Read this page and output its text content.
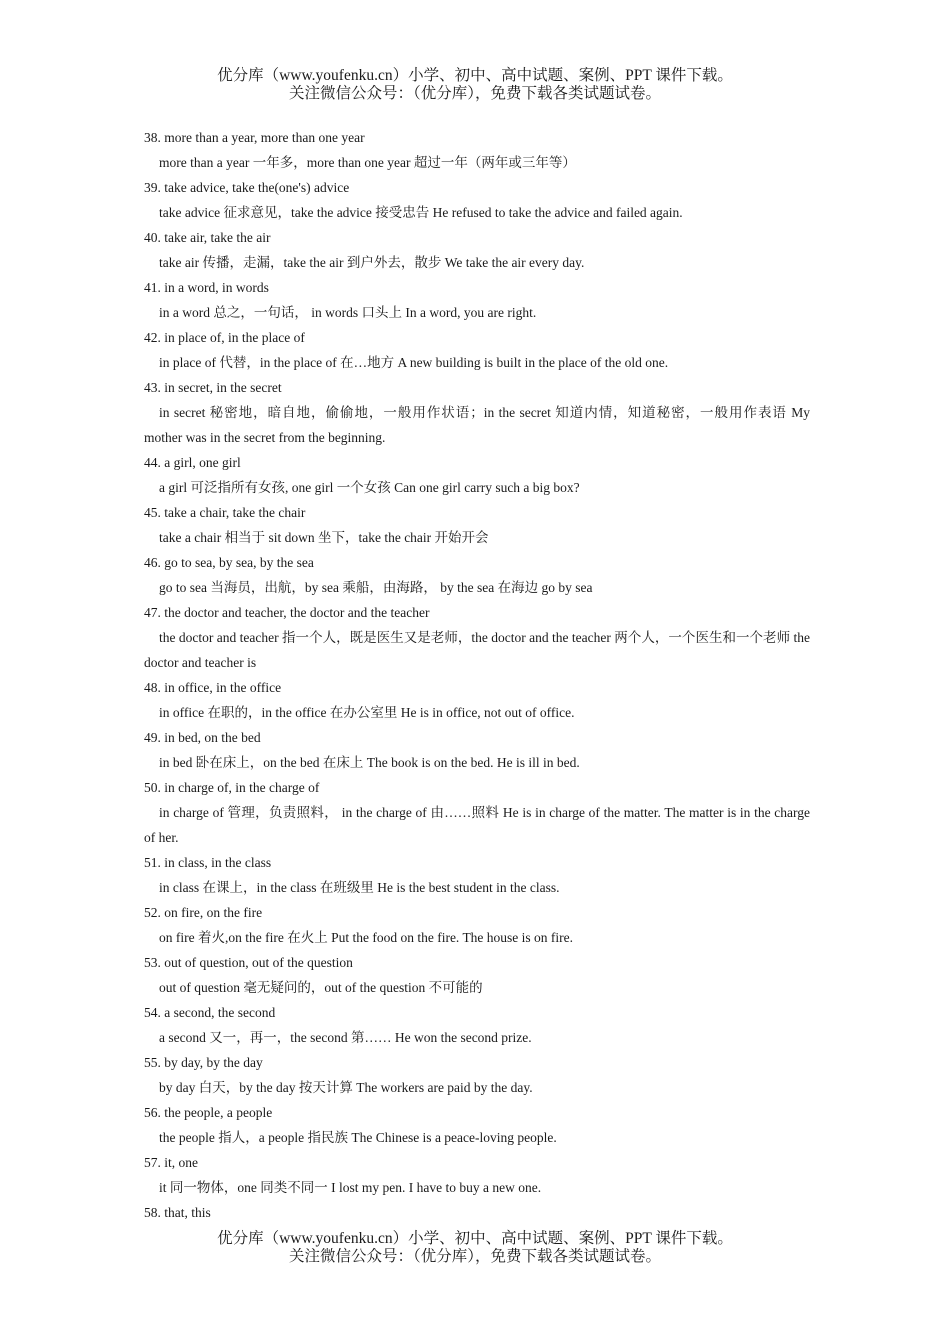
优分库（www.youfenku.cn）小学、初中、高中试题、案例、PPT 课件下载。
关注微信公众号：（优分库），免费下载各类试题试卷。
38. more than a year, more than one year
more than a year 一年多，more than one year 超过一年（两年或三年等）
39. take advice, take the(one's) advice
take advice 征求意见，take the advice 接受忠告 He refused to take the advice and failed again.
40. take air, take the air
take air 传播，走漏，take the air 到户外去，散步 We take the air every day.
41. in a word, in words
in a word 总之，一句话， in words 口头上 In a word, you are right.
42. in place of, in the place of
in place of 代替，in the place of 在…地方 A new building is built in the place of the old one.
43. in secret, in the secret
in secret 秘密地，暗自地，偷偷地，一般用作状语；in the secret 知道内情，知道秘密，一般用作表语 My mother was in the secret from the beginning.
44. a girl, one girl
a girl 可泛指所有女孩, one girl 一个女孩 Can one girl carry such a big box?
45. take a chair, take the chair
take a chair 相当于 sit down 坐下，take the chair 开始开会
46. go to sea, by sea, by the sea
go to sea 当海员，出航，by sea 乘船，由海路， by the sea 在海边 go by sea
47. the doctor and teacher, the doctor and the teacher
the doctor and teacher 指一个人，既是医生又是老师，the doctor and the teacher 两个人，一个医生和一个老师 the doctor and teacher is
48. in office, in the office
in office 在职的，in the office 在办公室里 He is in office, not out of office.
49. in bed, on the bed
in bed 卧在床上，on the bed 在床上 The book is on the bed. He is ill in bed.
50. in charge of, in the charge of
in charge of 管理，负责照料， in the charge of 由……照料 He is in charge of the matter. The matter is in the charge of her.
51. in class, in the class
in class 在课上，in the class 在班级里 He is the best student in the class.
52. on fire, on the fire
on fire 着火,on the fire 在火上 Put the food on the fire. The house is on fire.
53. out of question, out of the question
out of question 毫无疑问的，out of the question 不可能的
54. a second, the second
a second 又一，再一，the second 第…… He won the second prize.
55. by day, by the day
by day 白天，by the day 按天计算 The workers are paid by the day.
56. the people, a people
the people 指人，a people 指民族 The Chinese is a peace-loving people.
57. it, one
it 同一物体，one 同类不同一 I lost my pen. I have to buy a new one.
58. that, this
优分库（www.youfenku.cn）小学、初中、高中试题、案例、PPT 课件下载。
关注微信公众号：（优分库），免费下载各类试题试卷。
